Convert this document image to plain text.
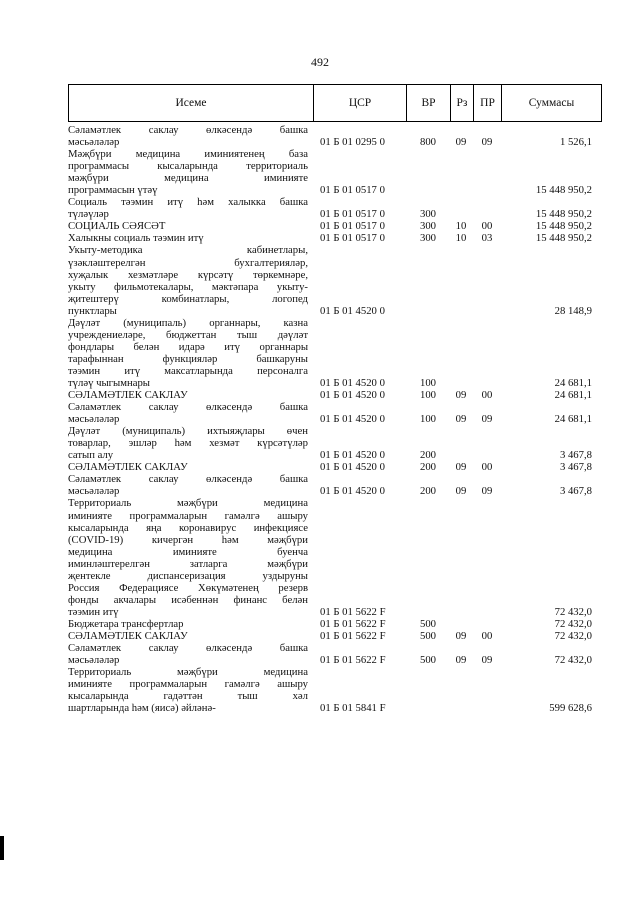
492
Исеме	ЦСР	ВР	Рз	ПР	Суммасы
Сәламәтлек саклау өлкәсендә башка
мәсьәләләр	01 Б 01 0295 0	800	09	09	1 526,1
Мәҗбүри медицина иминиятенең база
программасы кысаларында территориаль
мәҗбүри медицина иминияте
программасын үтәү	01 Б 01 0517 0	15 448 950,2
Социаль тәэмин итү һәм халыкка башка
түләүләр	01 Б 01 0517 0	300	15 448 950,2
СОЦИАЛЬ СӘЯСӘТ	01 Б 01 0517 0	300	10	00	15 448 950,2
Халыкны социаль тәэмин итү	01 Б 01 0517 0	300	10	03	15 448 950,2
Укыту-методика кабинетлары,
үзәкләштерелгән бухгалтерияләр,
хуҗалык хезмәтләре күрсәтү төркемнәре,
укыту фильмотекалары, мәктәпара укыту-
җитештерү комбинатлары, логопед
пунктлары	01 Б 01 4520 0	28 148,9
Дәүләт (муниципаль) органнары, казна
учреждениеләре, бюджеттан тыш дәүләт
фондлары белән идарә итү органнары
тарафыннан функцияләр башкаруны
тәэмин итү максатларында персоналга
түләү чыгымнары	01 Б 01 4520 0	100	24 681,1
СӘЛАМӘТЛЕК САКЛАУ	01 Б 01 4520 0	100	09	00	24 681,1
Сәламәтлек саклау өлкәсендә башка
мәсьәләләр	01 Б 01 4520 0	100	09	09	24 681,1
Дәүләт (муниципаль) ихтыяҗлары өчен
товарлар, эшләр һәм хезмәт күрсәтүләр
сатып алу	01 Б 01 4520 0	200	3 467,8
СӘЛАМӘТЛЕК САКЛАУ	01 Б 01 4520 0	200	09	00	3 467,8
Сәламәтлек саклау өлкәсендә башка
мәсьәләләр	01 Б 01 4520 0	200	09	09	3 467,8
Территориаль мәҗбүри медицина
иминияте программаларын гамәлгә ашыру
кысаларында яңа коронавирус инфекциясе
(COVID-19) кичергән һәм мәҗбүри
медицина иминияте буенча
иминләштерелгән затларга мәҗбүри
җентекле диспансеризация уздыруны
Россия Федерациясе Хөкүмәтенең резерв
фонды акчалары исәбеннән финанс белән
тәэмин итү	01 Б 01 5622 F	72 432,0
Бюджетара трансфертлар	01 Б 01 5622 F	500	72 432,0
СӘЛАМӘТЛЕК САКЛАУ	01 Б 01 5622 F	500	09	00	72 432,0
Сәламәтлек саклау өлкәсендә башка
мәсьәләләр	01 Б 01 5622 F	500	09	09	72 432,0
Территориаль мәҗбүри медицина
иминияте программаларын гамәлгә ашыру
кысаларында гадәттән тыш хәл
шартларында һәм (яисә) әйләнә-	01 Б 01 5841 F	599 628,6
